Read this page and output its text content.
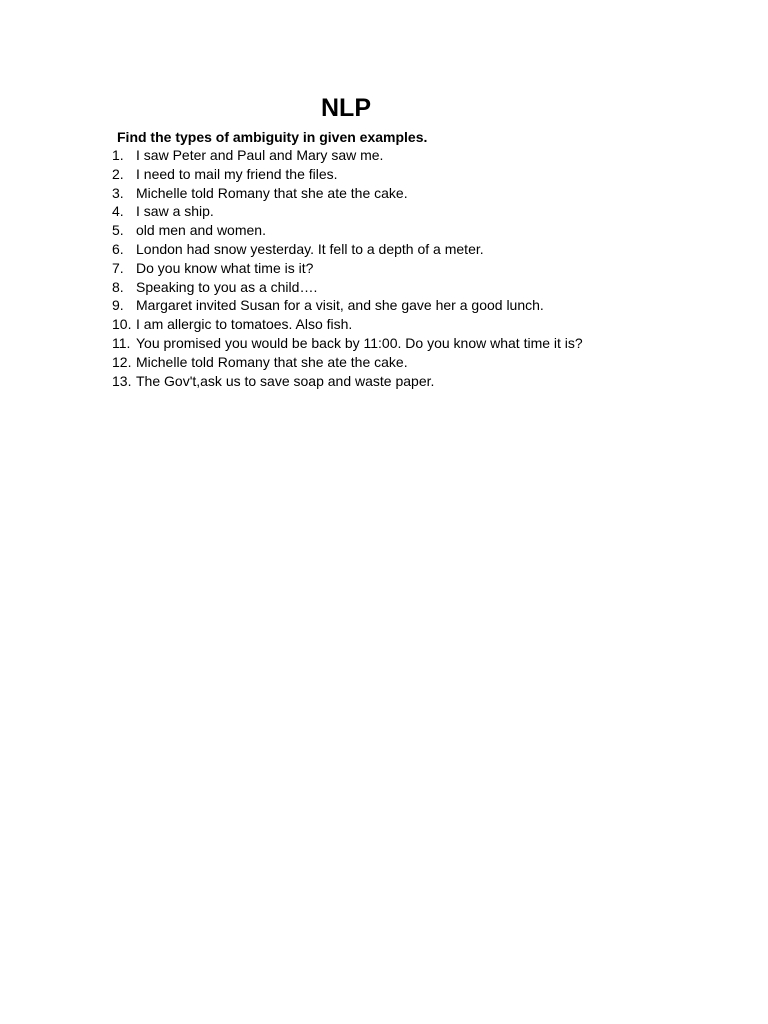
NLP

Find the types of ambiguity in given examples.

1. I saw Peter and Paul and Mary saw me.
2. I need to mail my friend the files.
3. Michelle told Romany that she ate the cake.
4. I saw a ship.
5. old men and women.
6. London had snow yesterday. It fell to a depth of a meter.
7. Do you know what time is it?
8. Speaking to you as a child….
9. Margaret invited Susan for a visit, and she gave her a good lunch.
10. I am allergic to tomatoes. Also fish.
11. You promised you would be back by 11:00. Do you know what time it is?
12. Michelle told Romany that she ate the cake.
13. The Gov't,ask us to save soap and waste paper.
